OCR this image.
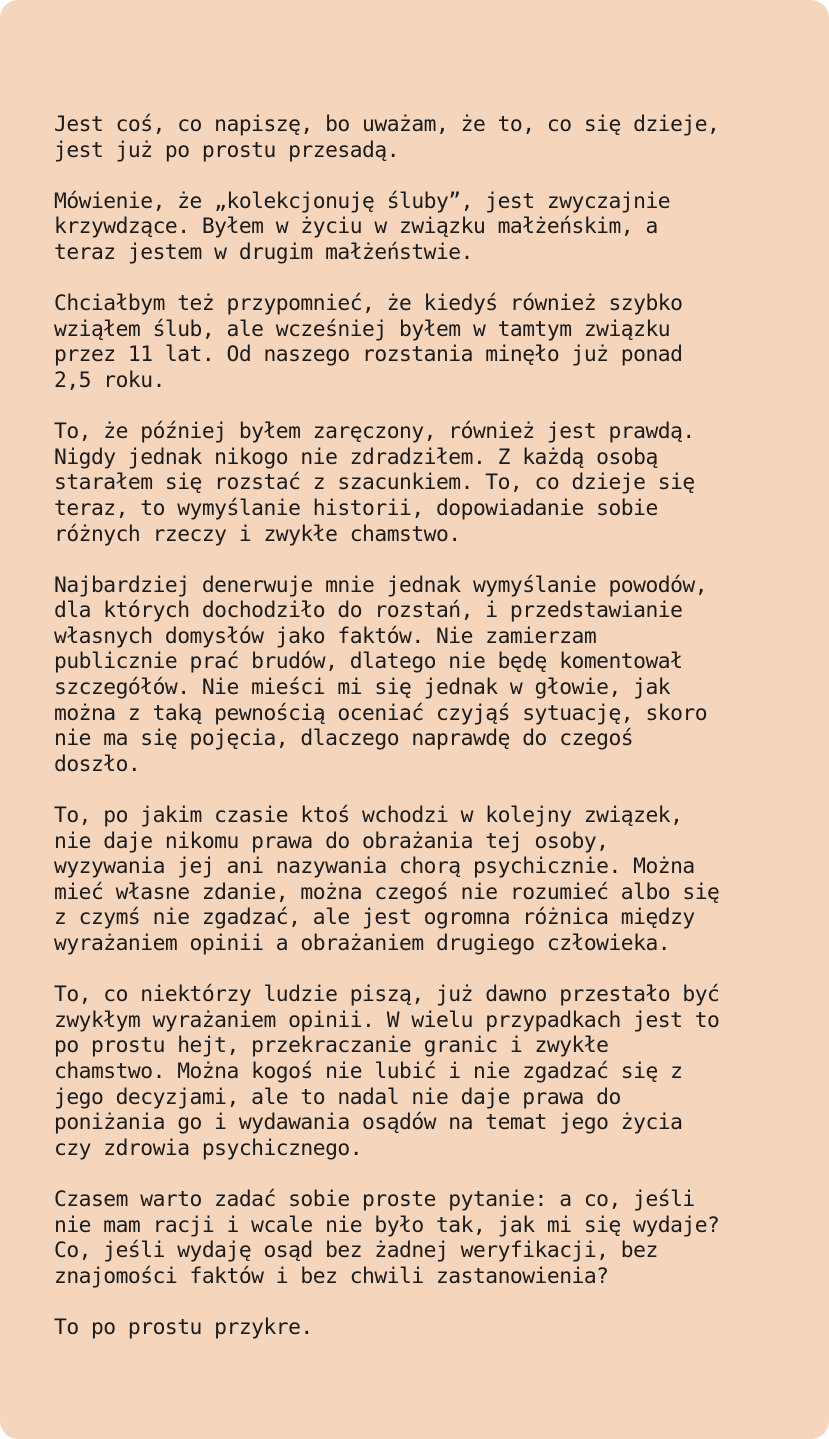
Jest coś, co napiszę, bo uważam, że to, co się dzieje,
jest już po prostu przesadą.

Mówienie, że „kolekcjonuję śluby”, jest zwyczajnie
krzywdzące. Byłem w życiu w związku małżeńskim, a
teraz jestem w drugim małżeństwie.

Chciałbym też przypomnieć, że kiedyś również szybko
wziąłem ślub, ale wcześniej byłem w tamtym związku
przez 11 lat. Od naszego rozstania minęło już ponad
2,5 roku.

To, że później byłem zaręczony, również jest prawdą.
Nigdy jednak nikogo nie zdradziłem. Z każdą osobą
starałem się rozstać z szacunkiem. To, co dzieje się
teraz, to wymyślanie historii, dopowiadanie sobie
różnych rzeczy i zwykłe chamstwo.

Najbardziej denerwuje mnie jednak wymyślanie powodów,
dla których dochodziło do rozstań, i przedstawianie
własnych domysłów jako faktów. Nie zamierzam
publicznie prać brudów, dlatego nie będę komentował
szczegółów. Nie mieści mi się jednak w głowie, jak
można z taką pewnością oceniać czyjąś sytuację, skoro
nie ma się pojęcia, dlaczego naprawdę do czegoś
doszło.

To, po jakim czasie ktoś wchodzi w kolejny związek,
nie daje nikomu prawa do obrażania tej osoby,
wyzywania jej ani nazywania chorą psychicznie. Można
mieć własne zdanie, można czegoś nie rozumieć albo się
z czymś nie zgadzać, ale jest ogromna różnica między
wyrażaniem opinii a obrażaniem drugiego człowieka.

To, co niektórzy ludzie piszą, już dawno przestało być
zwykłym wyrażaniem opinii. W wielu przypadkach jest to
po prostu hejt, przekraczanie granic i zwykłe
chamstwo. Można kogoś nie lubić i nie zgadzać się z
jego decyzjami, ale to nadal nie daje prawa do
poniżania go i wydawania osądów na temat jego życia
czy zdrowia psychicznego.

Czasem warto zadać sobie proste pytanie: a co, jeśli
nie mam racji i wcale nie było tak, jak mi się wydaje?
Co, jeśli wydaję osąd bez żadnej weryfikacji, bez
znajomości faktów i bez chwili zastanowienia?

To po prostu przykre.
